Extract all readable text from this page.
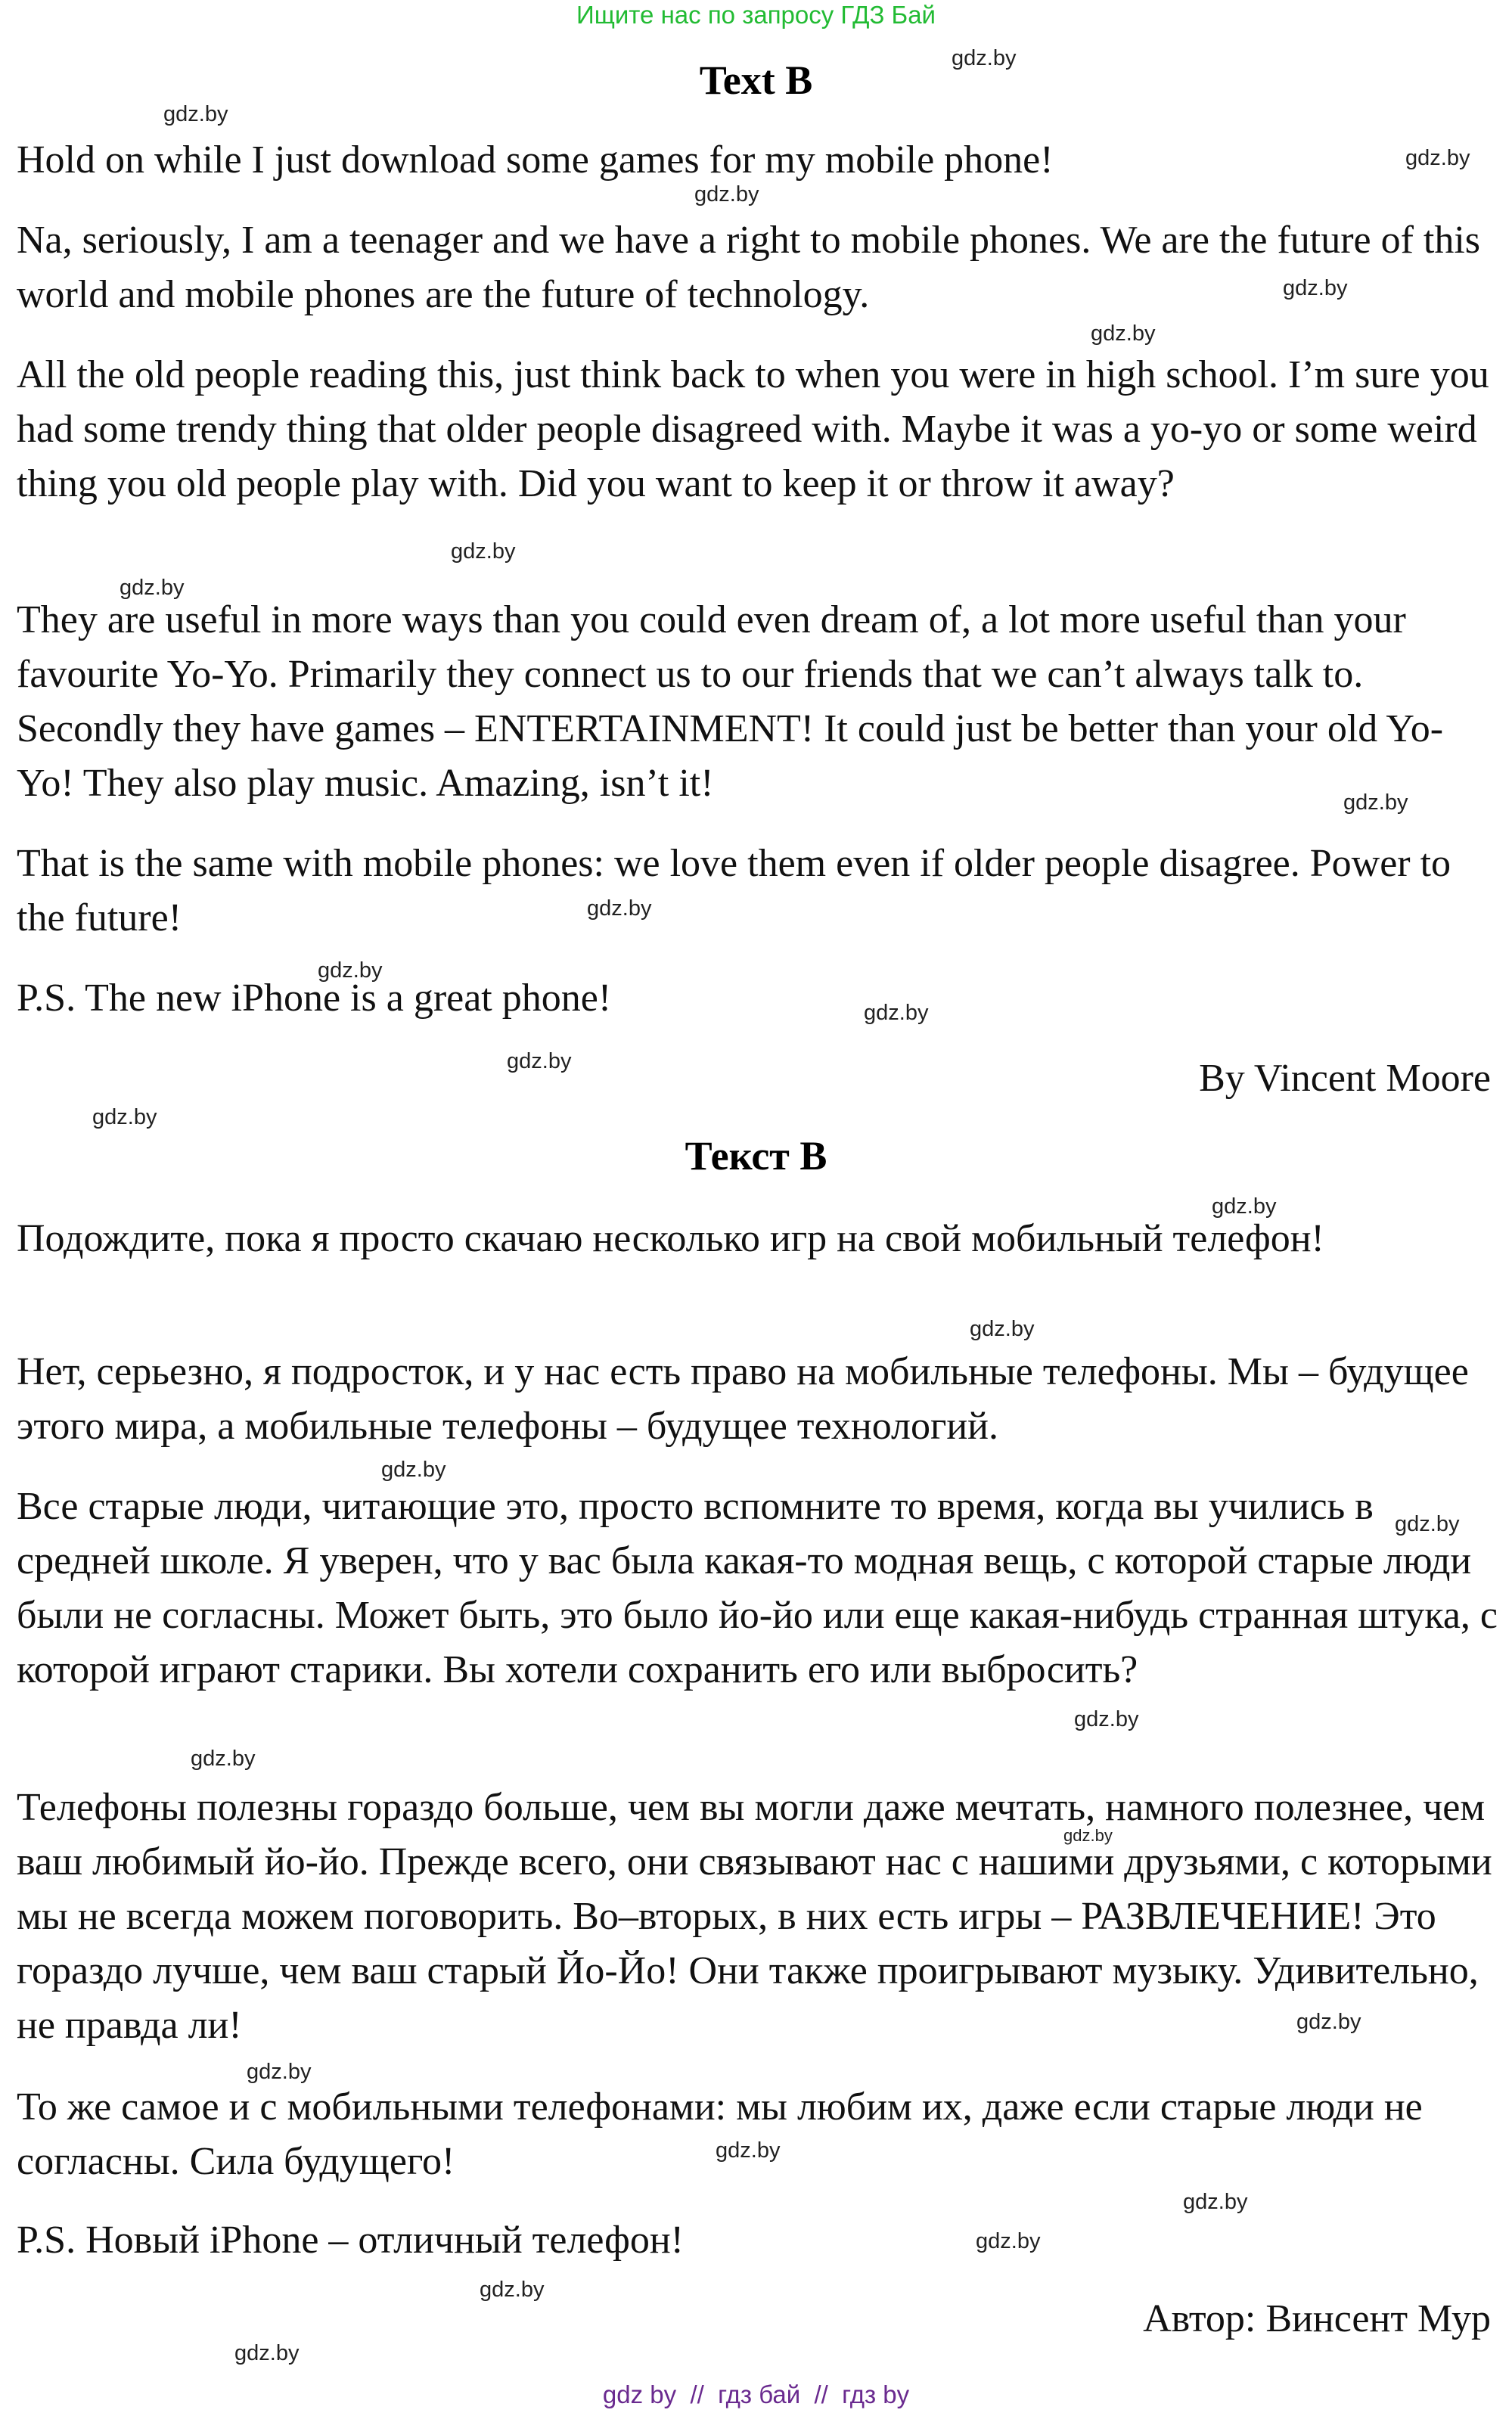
Ищите нас по запросу ГДЗ Бай
Text B

Hold on while I just download some games for my mobile phone!

Na, seriously, I am a teenager and we have a right to mobile phones. We are the future of this world and mobile phones are the future of technology.

All the old people reading this, just think back to when you were in high school. I’m sure you had some trendy thing that older people disagreed with. Maybe it was a yo-yo or some weird thing you old people play with. Did you want to keep it or throw it away?

They are useful in more ways than you could even dream of, a lot more useful than your favourite Yo-Yo. Primarily they connect us to our friends that we can’t always talk to. Secondly they have games – ENTERTAINMENT! It could just be better than your old Yo-Yo! They also play music. Amazing, isn’t it!

That is the same with mobile phones: we love them even if older people disagree. Power to the future!

P.S. The new iPhone is a great phone!

By Vincent Moore

Текст B

Подождите, пока я просто скачаю несколько игр на свой мобильный телефон!

Нет, серьезно, я подросток, и у нас есть право на мобильные телефоны. Мы – будущее этого мира, а мобильные телефоны – будущее технологий.

Все старые люди, читающие это, просто вспомните то время, когда вы учились в средней школе. Я уверен, что у вас была какая-то модная вещь, с которой старые люди были не согласны. Может быть, это было йо-йо или еще какая-нибудь странная штука, с которой играют старики. Вы хотели сохранить его или выбросить?

Телефоны полезны гораздо больше, чем вы могли даже мечтать, намного полезнее, чем ваш любимый йо-йо. Прежде всего, они связывают нас с нашими друзьями, с которыми мы не всегда можем поговорить. Во–вторых, в них есть игры – РАЗВЛЕЧЕНИЕ! Это гораздо лучше, чем ваш старый Йо-Йо! Они также проигрывают музыку. Удивительно, не правда ли!

То же самое и с мобильными телефонами: мы любим их, даже если старые люди не согласны. Сила будущего!

P.S. Новый iPhone – отличный телефон!

Автор: Винсент Мур

gdz.by
gdz.by
gdz.by
gdz.by
gdz.by
gdz.by
gdz.by
gdz.by
gdz.by
gdz.by
gdz.by
gdz.by
gdz.by
gdz.by
gdz.by
gdz.by
gdz.by
gdz.by
gdz.by
gdz.by
gdz.by
gdz.by
gdz.by
gdz.by
gdz.by
gdz.by
gdz.by
gdz.by
gdz by  //  гдз бай  //  гдз by
